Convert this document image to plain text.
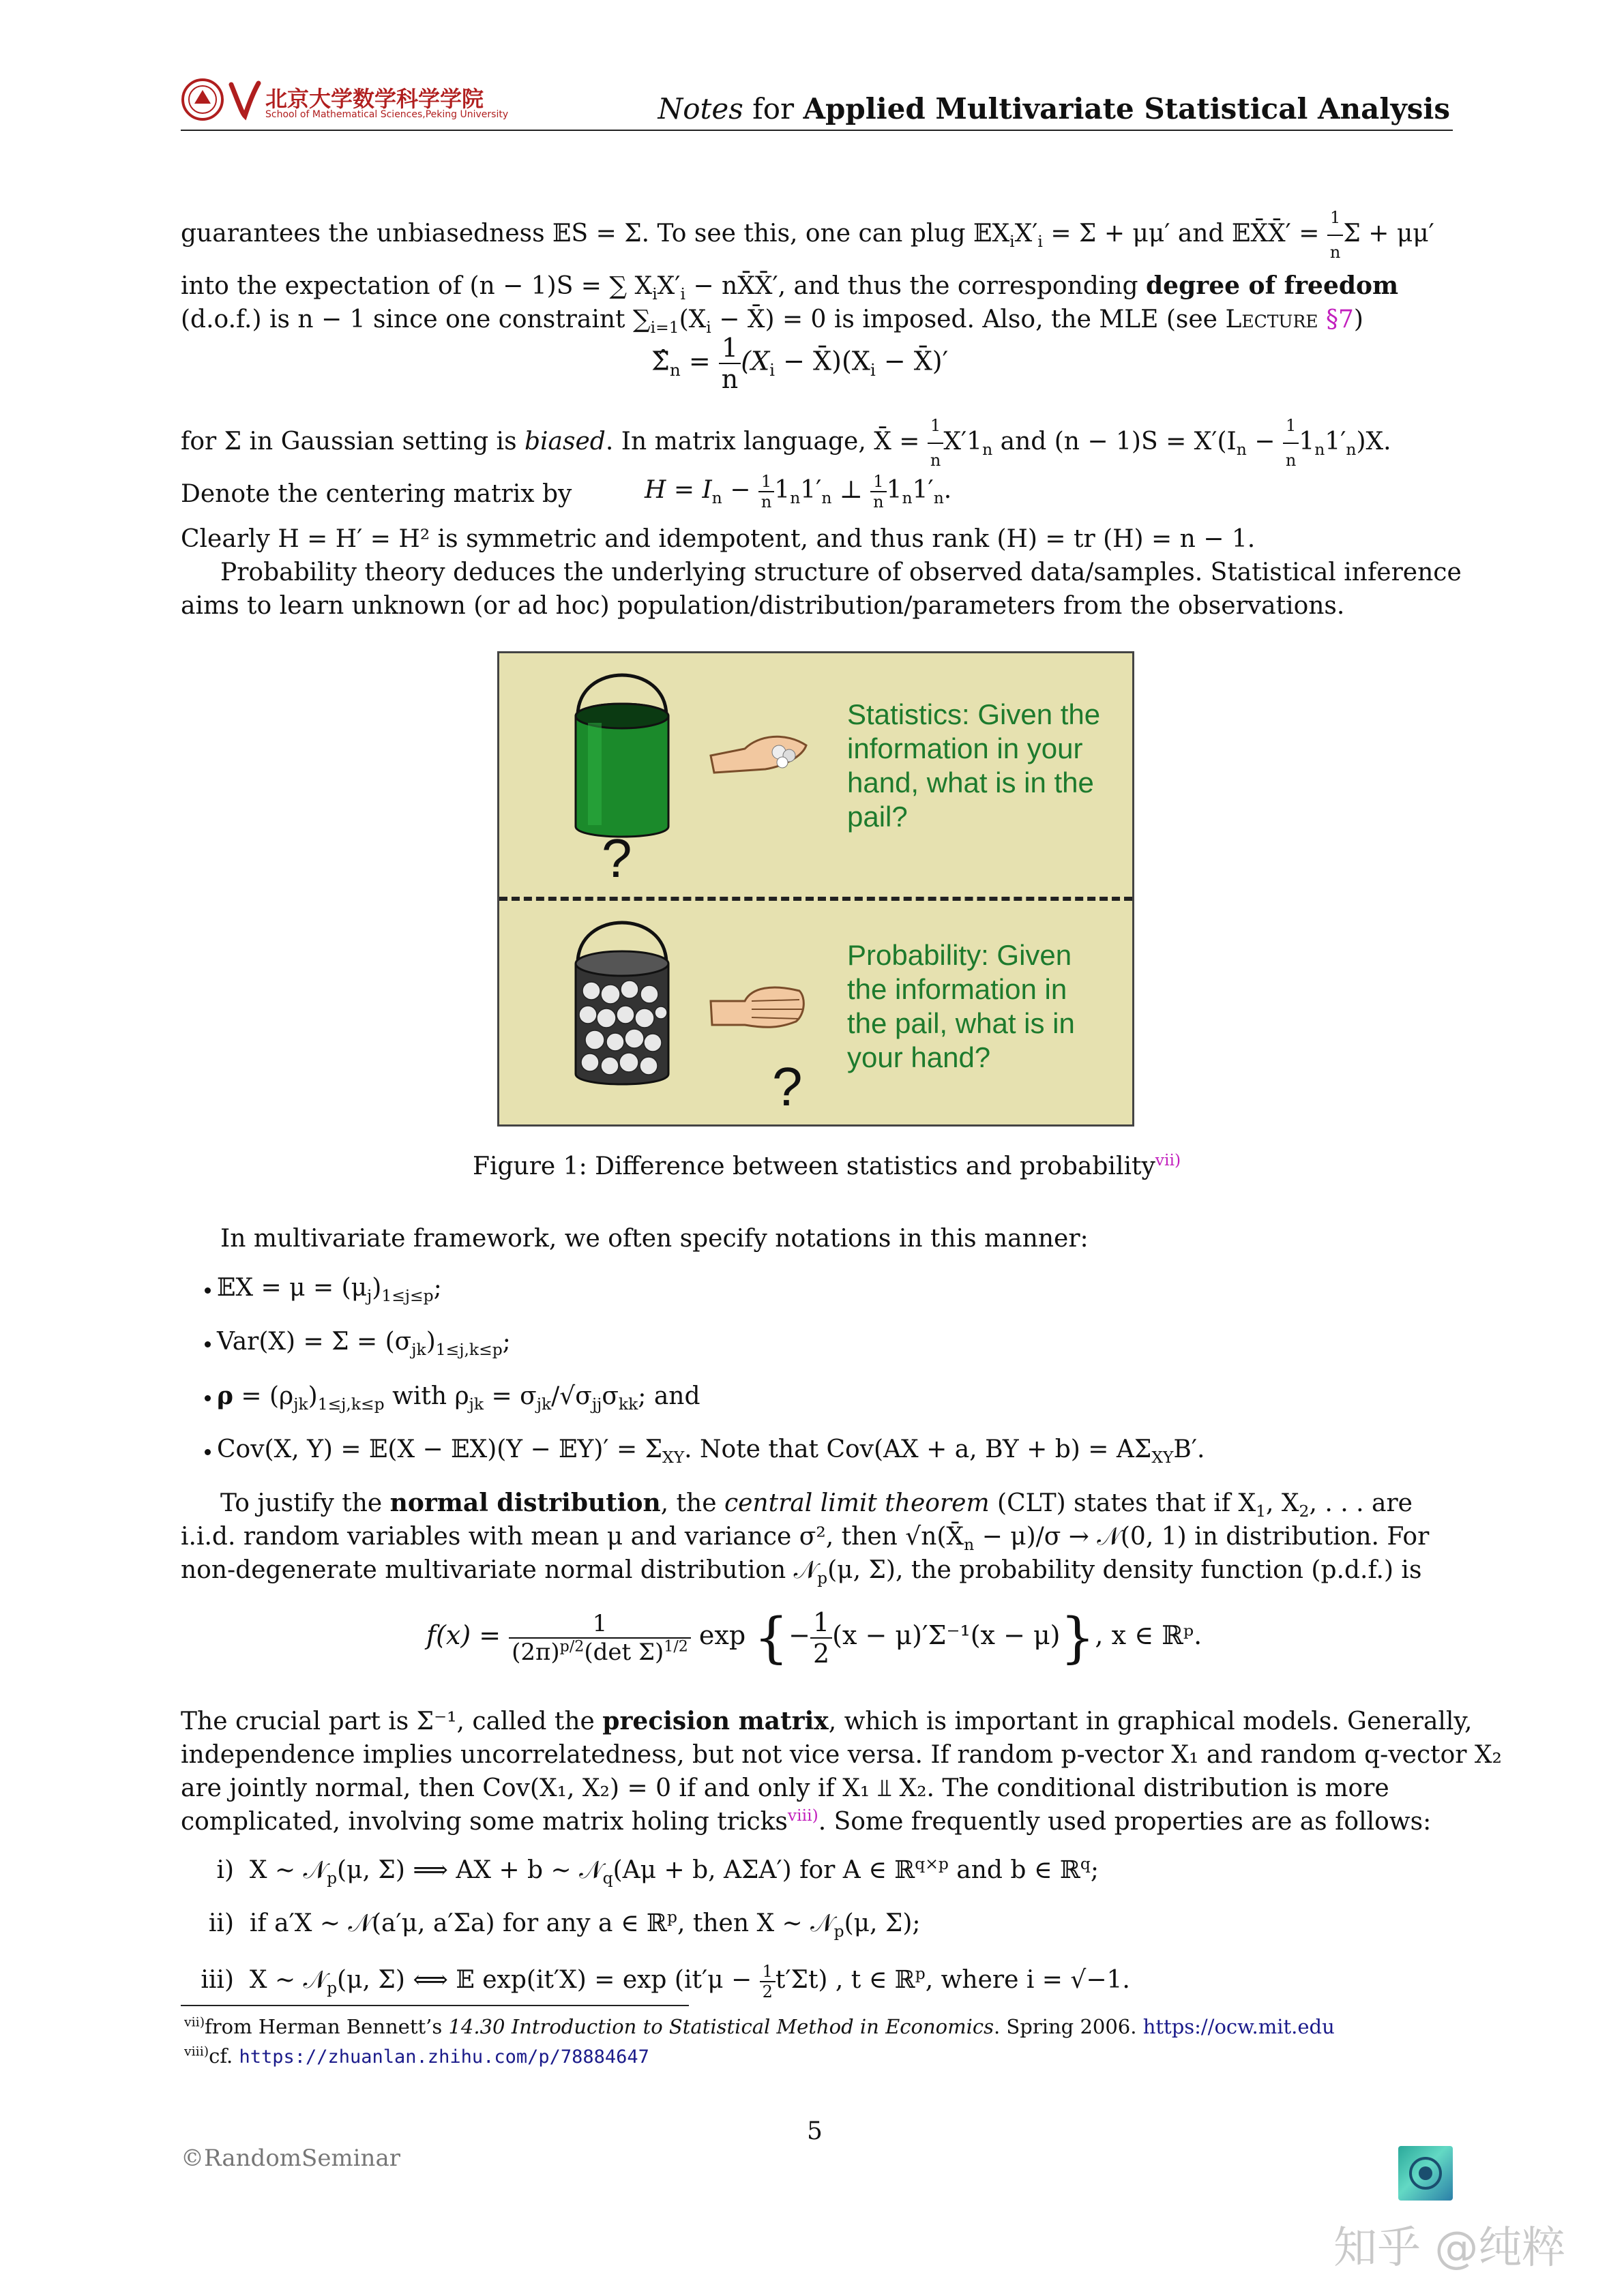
北京大学数学科学学院
School of Mathematical Sciences,Peking University	Notes for Applied Multivariate Statistical Analysis
guarantees the unbiasedness 𝔼S = Σ. To see this, one can plug $𝔼X_iX'_i = \Sigma + \mu\mu'$ and 𝔼X̄X̄′ = $\frac{1}{n}$ Σ + μμ′
into the expectation of (n − 1)S = ∑ $X_iX'_i$ − nX̄X̄′, and thus the corresponding degree of freedom
(d.o.f.) is n − 1 since one constraint $\sum_{i=1}(X_i$ − X̄) = 0 is imposed. Also, the MLE (see Lecture §7)
$\Sigmâ_n = \frac{1}{n} (X_i$ − $X̄)(X_i$ − X̄)′
for Σ in Gaussian setting is biased. In matrix language, X̄ = $\frac{1}{n} X'1_n$ and $(n - 1)S = X'(I_n - \frac{1}{n} 1_n1'_n)X$.
Denote the centering matrix by	$H = I_n - \frac{1}{n} 1_n1'_n$ ⊥ $\frac{1}{n} 1_n1'_n$.
Clearly H = H′ = H² is symmetric and idempotent, and thus rank (H) = tr (H) = n − 1.
Probability theory deduces the underlying structure of observed data/samples. Statistical inference
aims to learn unknown (or ad hoc) population/distribution/parameters from the observations.
?
Statistics: Given the
information in your
hand, what is in the
pail?
?
Probability: Given
the information in
the pail, what is in
your hand?
Figure 1: Difference between statistics and probability$^{vii)}$
In multivariate framework, we often specify notations in this manner:
𝔼X = $\mu = (\mu_j)_{1\le j\le p}$;
$Var(X) = \Sigma = (\sigma_{jk})_{1\le j,k\le p}$;
$\rho = (\rho_{jk})_{1\le j,k\le p}$ with $\rho_{jk} = \sigma_{jk}/√\sigma_{jj}\sigma_{kk}$; and
Cov(X, Y) = 𝔼(X − 𝔼X)(Y − 𝔼Y)′ = $\Sigma_{XY}$. Note that Cov(AX + a, BY + $b) = A\Sigma_{XY}B'$.
To justify the normal distribution, the central limit theorem (CLT) states that if $X_1$, $X_2$, . . . are
i.i.d. random variables with mean μ and variance σ², then $√n(X̄_n - \mu)/\sigma$ → 𝒩(0, 1) in distribution. For
non-degenerate multivariate normal distribution 𝒩$_p$(μ, Σ), the probability density function (p.d.f.) is
$f(x) = \frac{1}{(2\pi)^{p/2}(\det \Sigma)^{1/2}}$ exp {− $\frac{1}{2} (x - \mu)'\Sigma^{-1}(x - \mu)$}, x ∈ ℝᵖ.
The crucial part is Σ⁻¹, called the precision matrix, which is important in graphical models. Generally,
independence implies uncorrelatedness, but not vice versa. If random p-vector X₁ and random q-vector X₂
are jointly normal, then Cov(X₁, X₂) = 0 if and only if X₁ ⫫ X₂. The conditional distribution is more
complicated, involving some matrix holing tricks$^{viii)}$. Some frequently used properties are as follows:
i) X ∼ 𝒩$_p$(μ, Σ) ⟹ AX + b ∼ 𝒩$_q$(Aμ + b, AΣA′) for A ∈ ℝ$^{q\times p}$ and b ∈ ℝ$^q$;
ii) if a′X ∼ 𝒩(a′μ, a′Σa) for any a ∈ ℝ$^p$, then X ∼ 𝒩$_p$(μ, Σ);
iii) X ∼ 𝒩$_p$(μ, Σ) ⟺ 𝔼 $\exp(it'X) = \exp (it'\mu - \frac{1}{2} t'\Sigma t)$ , t ∈ ℝ$^p$, where i = √−1.
$^{vii)}$from Herman Bennett’s 14.30 Introduction to Statistical Method in Economics. Spring 2006. https://ocw.mit.edu
$^{viii)}$cf. https://zhuanlan.zhihu.com/p/78884647
5
©RandomSeminar
知乎 @纯粹
